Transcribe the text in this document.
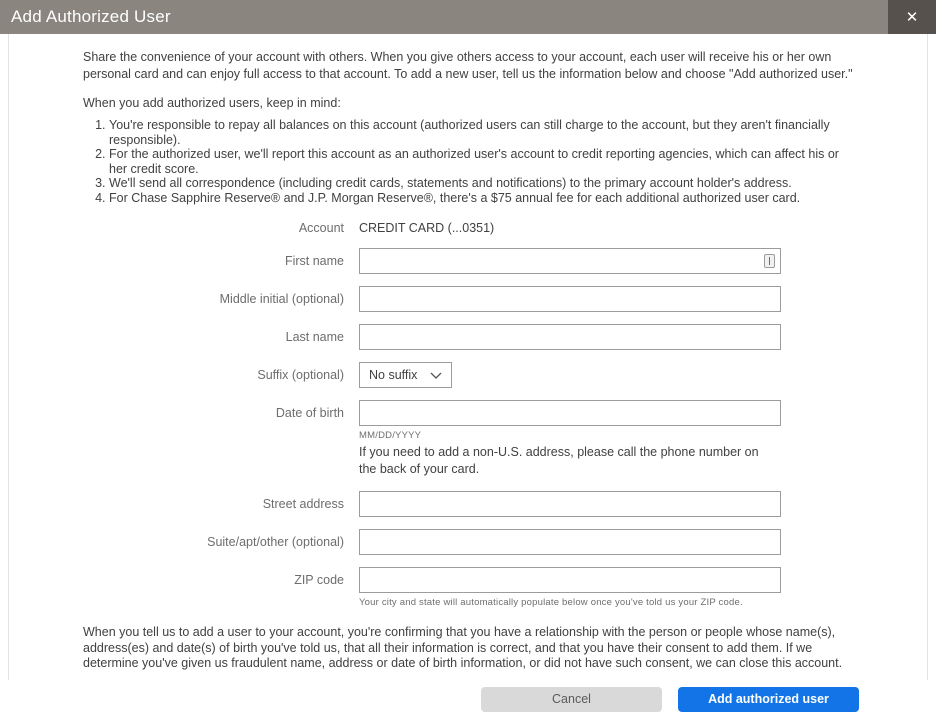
Add Authorized User	✕

Share the convenience of your account with others. When you give others access to your account, each user will receive his or her own personal card and can enjoy full access to that account. To add a new user, tell us the information below and choose "Add authorized user."

When you add authorized users, keep in mind:

1. You're responsible to repay all balances on this account (authorized users can still charge to the account, but they aren't financially responsible).
2. For the authorized user, we'll report this account as an authorized user's account to credit reporting agencies, which can affect his or her credit score.
3. We'll send all correspondence (including credit cards, statements and notifications) to the primary account holder's address.
4. For Chase Sapphire Reserve® and J.P. Morgan Reserve®, there's a $75 annual fee for each additional authorized user card.
Account	CREDIT CARD (...0351)
First name
Middle initial (optional)
Last name
Suffix (optional)	No suffix
Date of birth
MM/DD/YYYY

If you need to add a non-U.S. address, please call the phone number on the back of your card.

Street address
Suite/apt/other (optional)
ZIP code
Your city and state will automatically populate below once you've told us your ZIP code.

When you tell us to add a user to your account, you're confirming that you have a relationship with the person or people whose name(s), address(es) and date(s) of birth you've told us, that all their information is correct, and that you have their consent to add them. If we determine you've given us fraudulent name, address or date of birth information, or did not have such consent, we can close this account.

Cancel	Add authorized user
